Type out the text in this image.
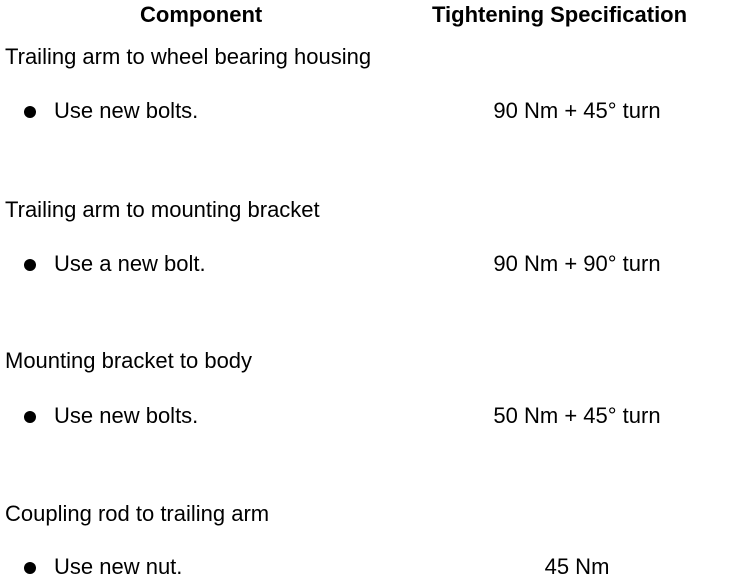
Component	Tightening Specification
Trailing arm to wheel bearing housing
Use new bolts.	90 Nm + 45° turn
Trailing arm to mounting bracket
Use a new bolt.	90 Nm + 90° turn
Mounting bracket to body
Use new bolts.	50 Nm + 45° turn
Coupling rod to trailing arm
Use new nut.	45 Nm
